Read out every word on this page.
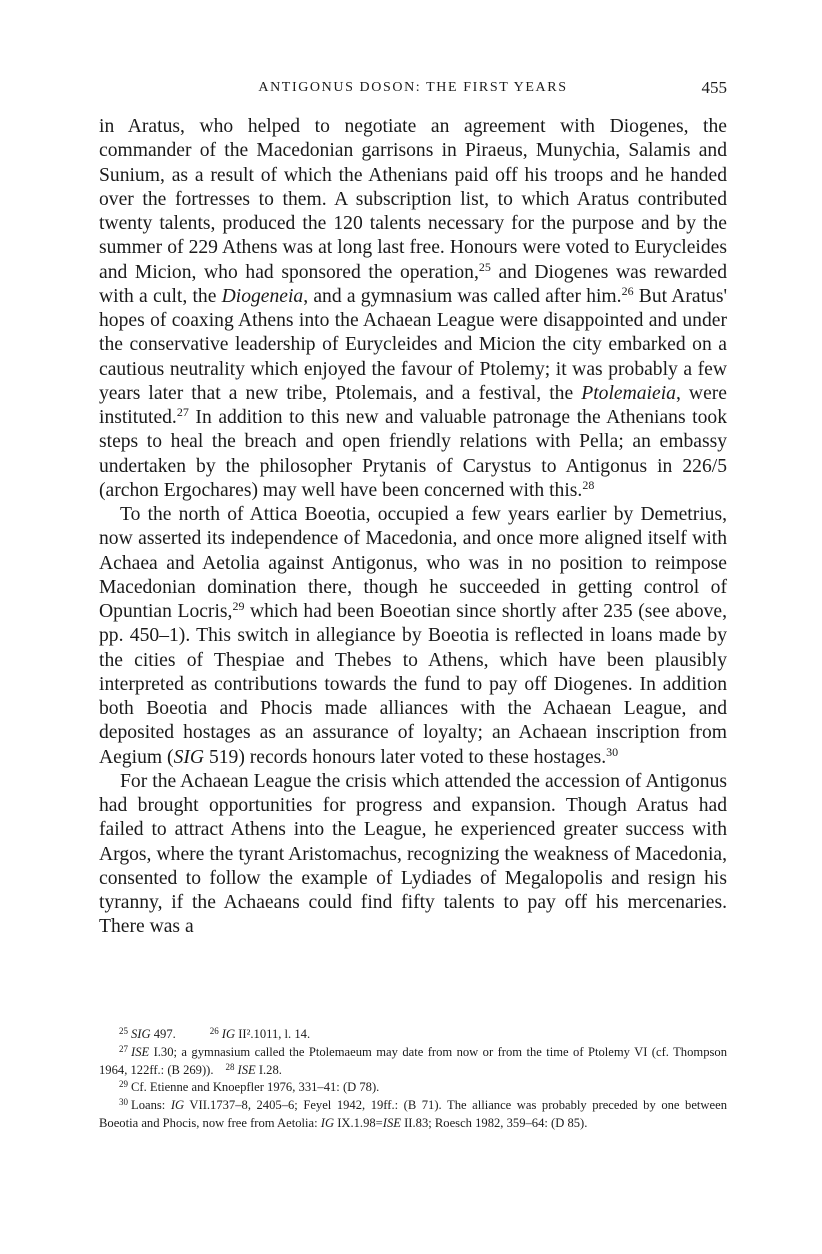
ANTIGONUS DOSON: THE FIRST YEARS	455

in Aratus, who helped to negotiate an agreement with Diogenes, the commander of the Macedonian garrisons in Piraeus, Munychia, Salamis and Sunium, as a result of which the Athenians paid off his troops and he handed over the fortresses to them. A subscription list, to which Aratus contributed twenty talents, produced the 120 talents necessary for the purpose and by the summer of 229 Athens was at long last free. Honours were voted to Eurycleides and Micion, who had sponsored the operation,$^{25}$ and Diogenes was rewarded with a cult, the Diogeneia, and a gymnasium was called after him.$^{26}$ But Aratus' hopes of coaxing Athens into the Achaean League were disappointed and under the conservative leadership of Eurycleides and Micion the city embarked on a cautious neutrality which enjoyed the favour of Ptolemy; it was probably a few years later that a new tribe, Ptolemais, and a festival, the Ptolemaieia, were instituted.$^{27}$ In addition to this new and valuable patronage the Athenians took steps to heal the breach and open friendly relations with Pella; an embassy undertaken by the philosopher Prytanis of Carystus to Antigonus in 226/5 (archon Ergochares) may well have been concerned with this.$^{28}$

To the north of Attica Boeotia, occupied a few years earlier by Demetrius, now asserted its independence of Macedonia, and once more aligned itself with Achaea and Aetolia against Antigonus, who was in no position to reimpose Macedonian domination there, though he succeeded in getting control of Opuntian Locris,$^{29}$ which had been Boeotian since shortly after 235 (see above, pp. 450–1). This switch in allegiance by Boeotia is reflected in loans made by the cities of Thespiae and Thebes to Athens, which have been plausibly interpreted as contributions towards the fund to pay off Diogenes. In addition both Boeotia and Phocis made alliances with the Achaean League, and deposited hostages as an assurance of loyalty; an Achaean inscription from Aegium (SIG 519) records honours later voted to these hostages.$^{30}$

For the Achaean League the crisis which attended the accession of Antigonus had brought opportunities for progress and expansion. Though Aratus had failed to attract Athens into the League, he experienced greater success with Argos, where the tyrant Aristomachus, recognizing the weakness of Macedonia, consented to follow the example of Lydiades of Megalopolis and resign his tyranny, if the Achaeans could find fifty talents to pay off his mercenaries. There was a

$^{25}$ SIG 497.	$^{26}$ IG II².1011, l. 14.

$^{27}$ ISE I.30; a gymnasium called the Ptolemaeum may date from now or from the time of Ptolemy VI (cf. Thompson 1964, 122ff.: (B 269)). $^{28}$ ISE I.28.

$^{29}$ Cf. Etienne and Knoepfler 1976, 331–41: (D 78).

$^{30}$ Loans: IG VII.1737–8, 2405–6; Feyel 1942, 19ff.: (B 71). The alliance was probably preceded by one between Boeotia and Phocis, now free from Aetolia: IG IX.1.98=ISE II.83; Roesch 1982, 359–64: (D 85).
